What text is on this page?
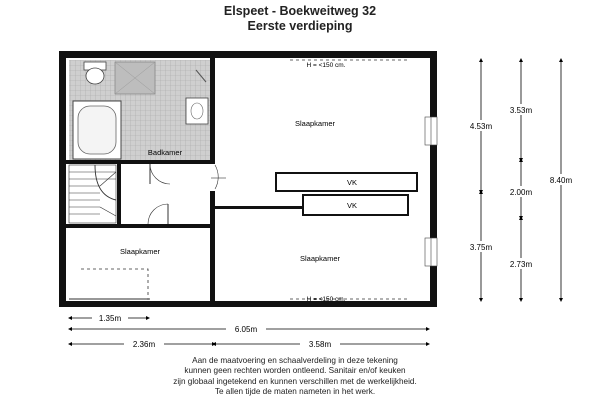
Elspeet - Boekweitweg 32
Eerste verdieping
Badkamer
Slaapkamer
Slaapkamer
Slaapkamer
VK
VK
H = <150 cm.
H = <150 cm.
1.35m
6.05m
2.36m	3.58m
4.53m
3.75m
3.53m
2.00m
2.73m
8.40m
Aan de maatvoering en schaalverdeling in deze tekening
kunnen geen rechten worden ontleend. Sanitair en/of keuken
zijn globaal ingetekend en kunnen verschillen met de werkelijkheid.
Te allen tijde de maten nameten in het werk.
